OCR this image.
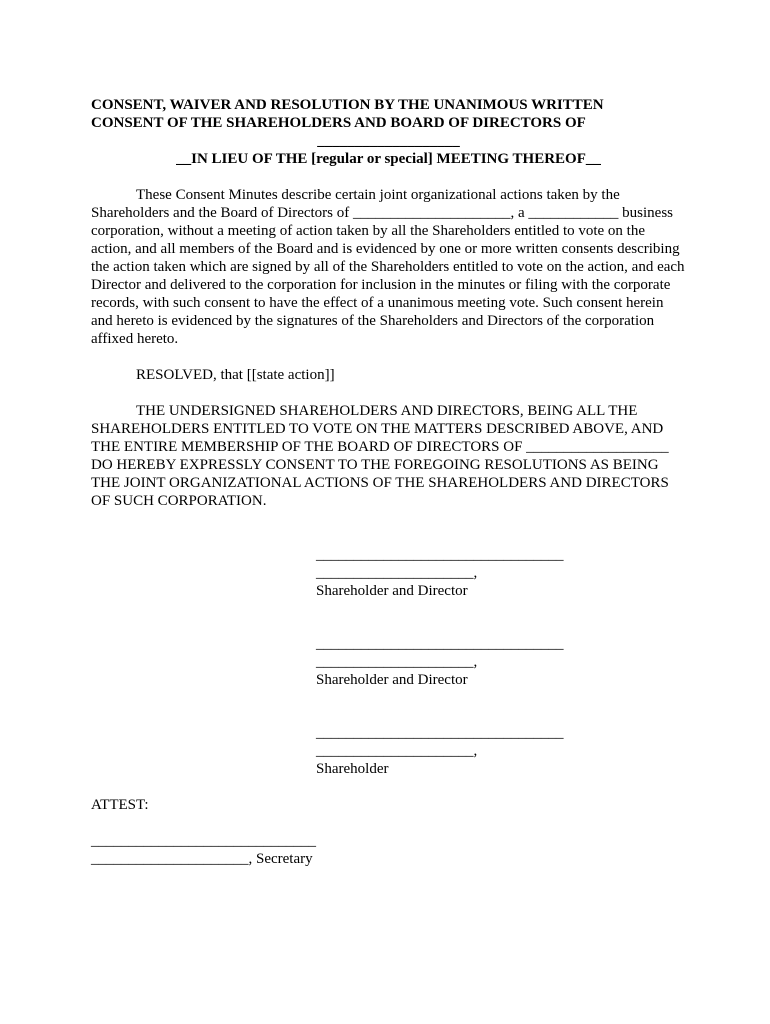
CONSENT, WAIVER AND RESOLUTION BY THE UNANIMOUS WRITTEN

CONSENT OF THE SHAREHOLDERS AND BOARD OF DIRECTORS OF

___________________

__IN LIEU OF THE [regular or special] MEETING THEREOF__

These Consent Minutes describe certain joint organizational actions taken by the Shareholders and the Board of Directors of _____________________, a ____________ business corporation, without a meeting of action taken by all the Shareholders entitled to vote on the action, and all members of the Board and is evidenced by one or more written consents describing the action taken which are signed by all of the Shareholders entitled to vote on the action, and each Director and delivered to the corporation for inclusion in the minutes or filing with the corporate records, with such consent to have the effect of a unanimous meeting vote. Such consent herein and hereto is evidenced by the signatures of the Shareholders and Directors of the corporation affixed hereto.

RESOLVED, that [[state action]]

THE UNDERSIGNED SHAREHOLDERS AND DIRECTORS, BEING ALL THE SHAREHOLDERS ENTITLED TO VOTE ON THE MATTERS DESCRIBED ABOVE, AND THE ENTIRE MEMBERSHIP OF THE BOARD OF DIRECTORS OF ___________________ DO HEREBY EXPRESSLY CONSENT TO THE FOREGOING RESOLUTIONS AS BEING THE JOINT ORGANIZATIONAL ACTIONS OF THE SHAREHOLDERS AND DIRECTORS OF SUCH CORPORATION.

_________________________________
_____________________,
Shareholder and Director
_________________________________
_____________________,
Shareholder and Director
_________________________________
_____________________,
Shareholder
ATTEST:
______________________________
_____________________, Secretary
